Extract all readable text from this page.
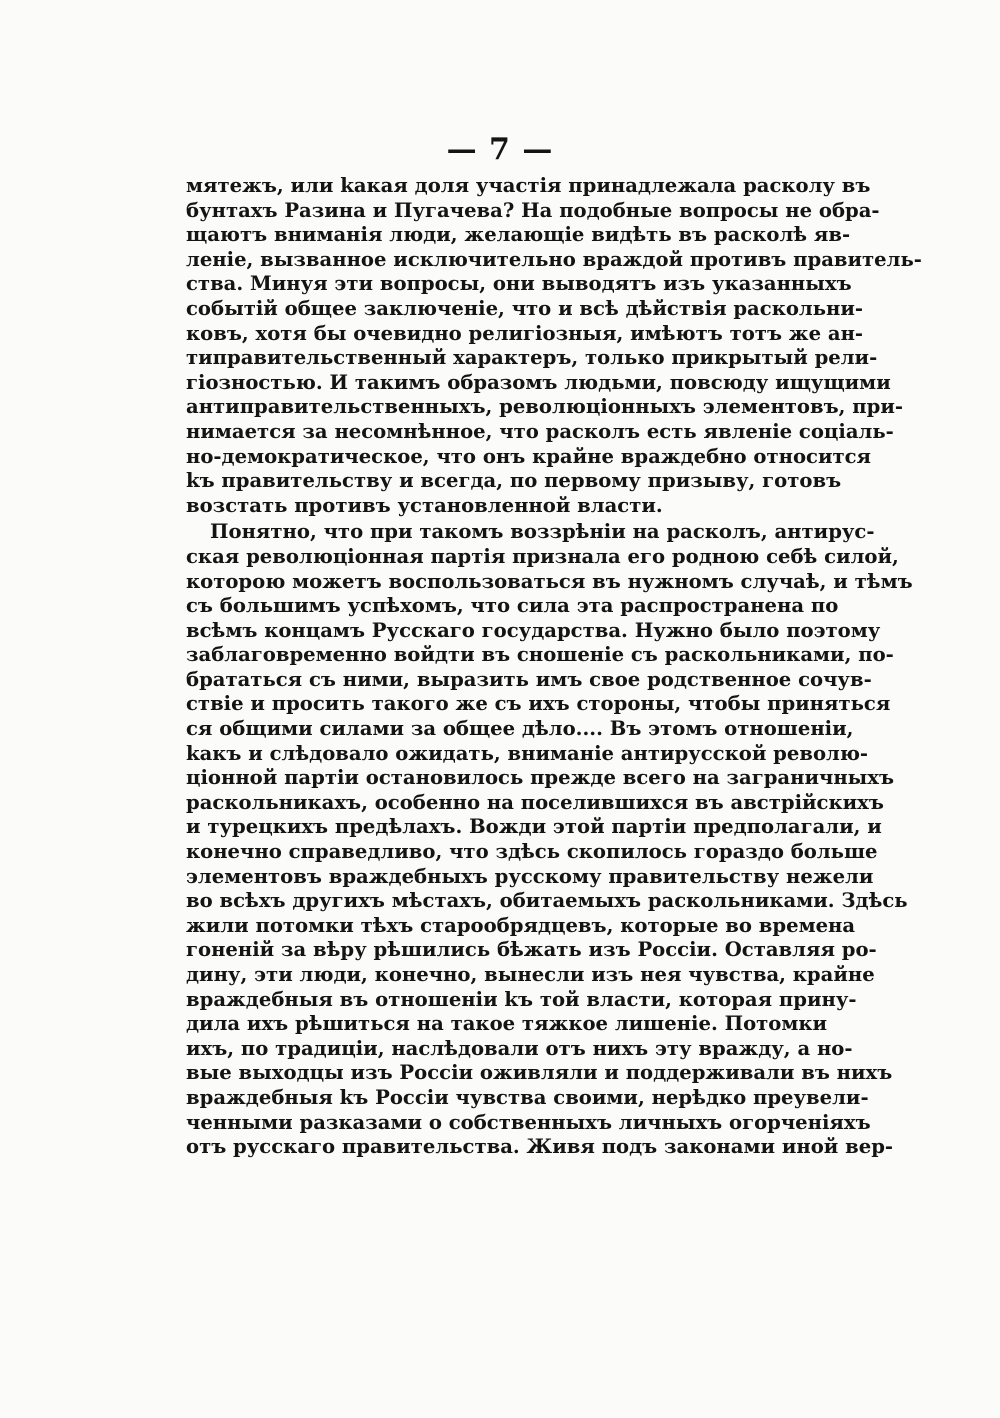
— 7 —
мятежъ, или kакая доля участія принадлежала расколу въ
бунтахъ Разина и Пугачева? На подобные вопросы не обра-
щаютъ вниманія люди, желающіе видѣть въ расколѣ яв-
леніе, вызванное исключительно враждой противъ правитель-
ства. Минуя эти вопросы, они выводятъ изъ указанныхъ
событій общее заключеніе, что и всѣ дѣйствія раскольни-
ковъ, хотя бы очевидно религіозныя, имѣютъ тотъ же ан-
типравительственный характеръ, только прикрытый рели-
гіозностью. И такимъ образомъ людьми, повсюду ищущими
антиправительственныхъ, революціонныхъ элементовъ, при-
нимается за несомнѣнное, что расколъ есть явленіе соціаль-
но-демократическое, что онъ крайне враждебно относится
kъ правительству и всегда, по первому призыву, готовъ
возстать противъ установленной власти.
Понятно, что при такомъ воззрѣніи на расколъ, антирус-
ская революціонная партія признала его родною себѣ силой,
которою можетъ воспользоваться въ нужномъ случаѣ, и тѣмъ
съ большимъ успѣхомъ, что сила эта распространена по
всѣмъ концамъ Русскаго государства. Нужно было поэтому
заблаговременно войдти въ сношеніе съ раскольниками, по-
брататься съ ними, выразить имъ свое родственное сочув-
ствіе и просить такого же съ ихъ стороны, чтобы приняться
ся общими силами за общее дѣло.... Въ этомъ отношеніи,
kакъ и слѣдовало ожидать, вниманіе антирусской револю-
ціонной партіи остановилось прежде всего на заграничныхъ
раскольникахъ, особенно на поселившихся въ австрійскихъ
и турецкихъ предѣлахъ. Вожди этой партіи предполагали, и
конечно справедливо, что здѣсь скопилось гораздо больше
элементовъ враждебныхъ русскому правительству нежели
во всѣхъ другихъ мѣстахъ, обитаемыхъ раскольниками. Здѣсь
жили потомки тѣхъ старообрядцевъ, которые во времена
гоненій за вѣру рѣшились бѣжать изъ Россіи. Оставляя ро-
дину, эти люди, конечно, вынесли изъ нея чувства, крайне
враждебныя въ отношеніи kъ той власти, которая прину-
дила ихъ рѣшиться на такое тяжкое лишеніе. Потомки
ихъ, по традиціи, наслѣдовали отъ нихъ эту вражду, а но-
вые выходцы изъ Россіи оживляли и поддерживали въ нихъ
враждебныя kъ Россіи чувства своими, нерѣдко преувели-
ченными разказами о собственныхъ личныхъ огорченіяхъ
отъ русскаго правительства. Живя подъ законами иной вер-
